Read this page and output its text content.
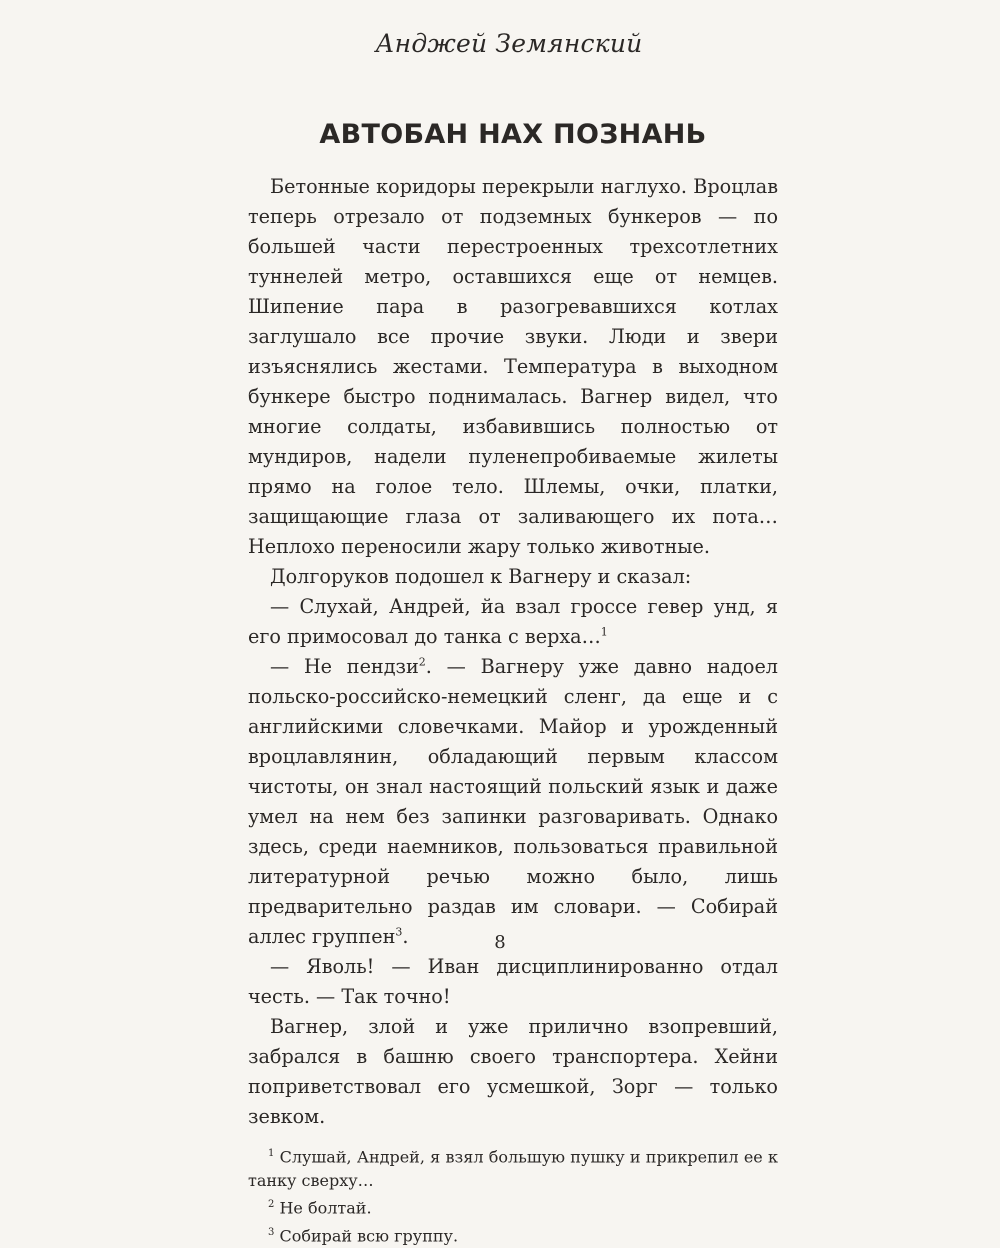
Анджей Земянский
АВТОБАН НАХ ПОЗНАНЬ

Бетонные коридоры перекрыли наглухо. Вроцлав теперь отрезало от подземных бункеров — по большей части перестроенных трехсотлетних туннелей метро, оставшихся еще от немцев. Шипение пара в разогревавшихся котлах заглушало все прочие звуки. Люди и звери изъяснялись жестами. Температура в выходном бункере быстро поднималась. Вагнер видел, что многие солдаты, избавившись полностью от мундиров, надели пуленепробиваемые жилеты прямо на голое тело. Шлемы, очки, платки, защищающие глаза от заливающего их пота… Неплохо переносили жару только животные.

Долгоруков подошел к Вагнеру и сказал:

— Слухай, Андрей, йа взал гроссе гевер унд, я его примосовал до танка с верха…$^1$

— Не пендзи$^2$. — Вагнеру уже давно надоел польско-российско-немецкий сленг, да еще и с английскими словечками. Майор и урожденный вроцлавлянин, обладающий первым классом чистоты, он знал настоящий польский язык и даже умел на нем без запинки разговаривать. Однако здесь, среди наемников, пользоваться правильной литературной речью можно было, лишь предварительно раздав им словари. — Собирай аллес группен$^3$.

— Яволь! — Иван дисциплинированно отдал честь. — Так точно!

Вагнер, злой и уже прилично взопревший, забрался в башню своего транспортера. Хейни поприветствовал его усмешкой, Зорг — только зевком.

$^1$ Слушай, Андрей, я взял большую пушку и прикрепил ее к танку сверху…

$^2$ Не болтай.

$^3$ Собирай всю группу.

8
